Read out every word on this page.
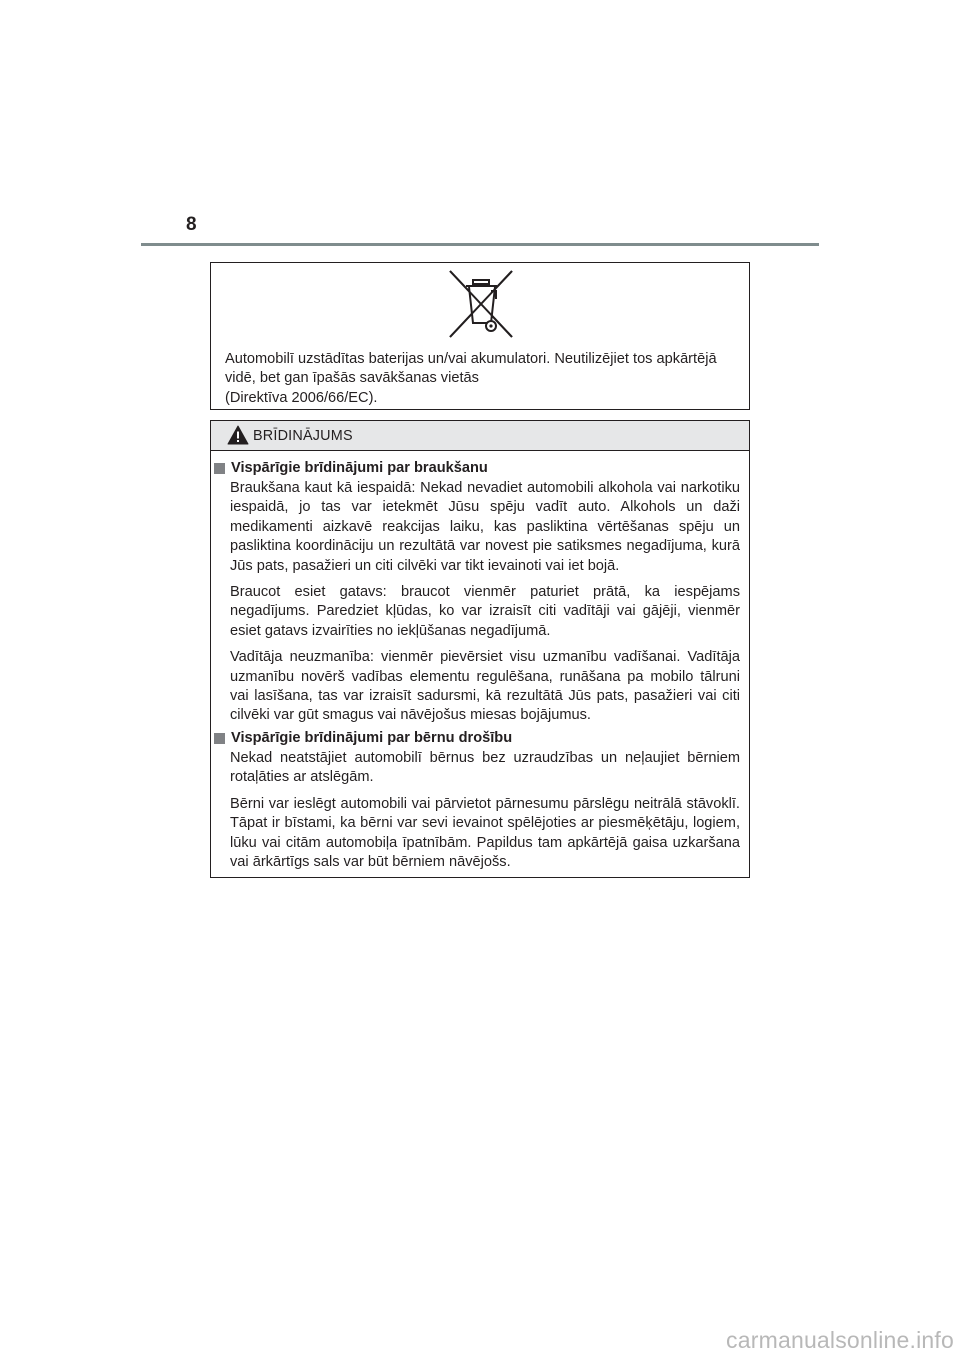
8
Automobilī uzstādītas baterijas un/vai akumulatori. Neutilizējiet tos apkārtējā
vidē, bet gan īpašās savākšanas vietās
(Direktīva 2006/66/EC).
BRĪDINĀJUMS
Vispārīgie brīdinājumi par braukšanu
Braukšana kaut kā iespaidā: Nekad nevadiet automobili alkohola vai narkotiku iespaidā, jo tas var ietekmēt Jūsu spēju vadīt auto. Alkohols un daži medikamenti aizkavē reakcijas laiku, kas pasliktina vērtēšanas spēju un pasliktina koordināciju un rezultātā var novest pie satiksmes negadījuma, kurā Jūs pats, pasažieri un citi cilvēki var tikt ievainoti vai iet bojā.
Braucot esiet gatavs: braucot vienmēr paturiet prātā, ka iespējams negadījums. Paredziet kļūdas, ko var izraisīt citi vadītāji vai gājēji, vienmēr esiet gatavs izvairīties no iekļūšanas negadījumā.
Vadītāja neuzmanība: vienmēr pievērsiet visu uzmanību vadīšanai. Vadītāja uzmanību novērš vadības elementu regulēšana, runāšana pa mobilo tālruni vai lasīšana, tas var izraisīt sadursmi, kā rezultātā Jūs pats, pasažieri vai citi cilvēki var gūt smagus vai nāvējošus miesas bojājumus.
Vispārīgie brīdinājumi par bērnu drošību
Nekad neatstājiet automobilī bērnus bez uzraudzības un neļaujiet bērniem rotaļāties ar atslēgām.
Bērni var ieslēgt automobili vai pārvietot pārnesumu pārslēgu neitrālā stāvoklī. Tāpat ir bīstami, ka bērni var sevi ievainot spēlējoties ar piesmēķētāju, logiem, lūku vai citām automobiļa īpatnībām. Papildus tam apkārtējā gaisa uzkaršana vai ārkārtīgs sals var būt bērniem nāvējošs.
carmanualsonline.info
